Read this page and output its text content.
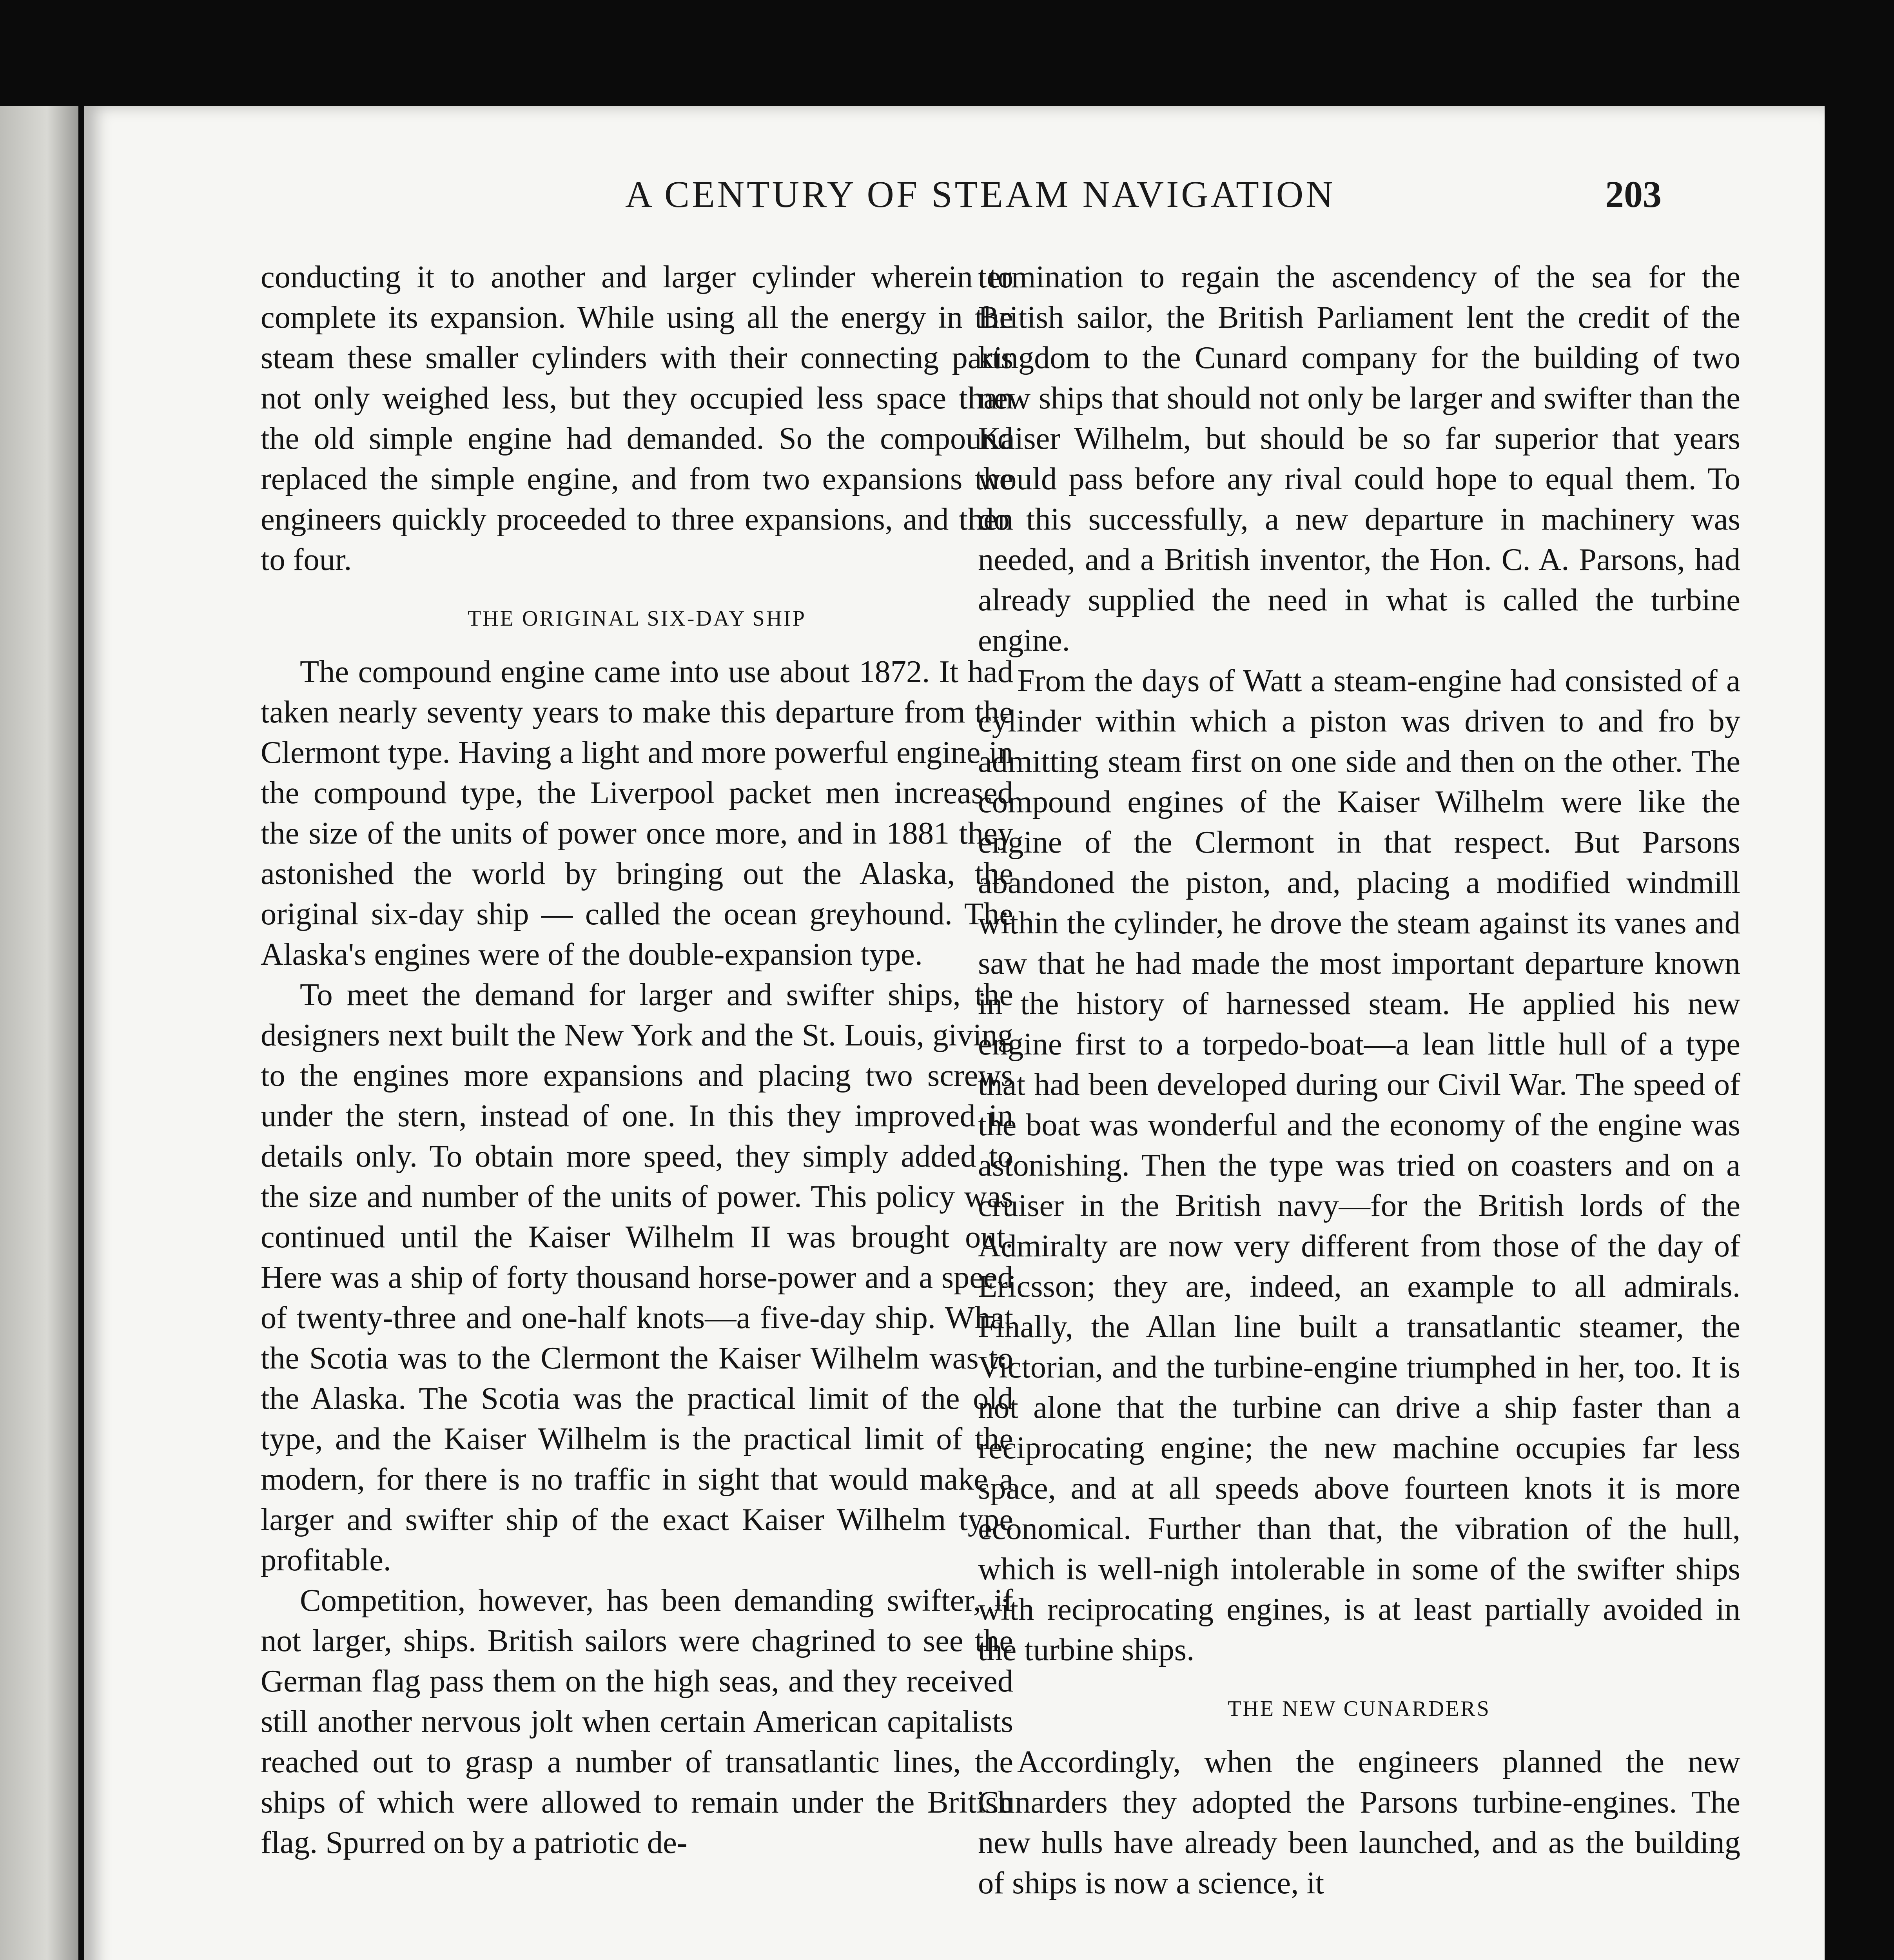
A CENTURY OF STEAM NAVIGATION	203

conducting it to another and larger cylinder wherein to complete its expansion. While using all the energy in the steam these smaller cylinders with their connecting parts not only weighed less, but they occupied less space than the old simple engine had demanded. So the compound replaced the simple engine, and from two expansions the engineers quickly proceeded to three expansions, and then to four.

THE ORIGINAL SIX-DAY SHIP

The compound engine came into use about 1872. It had taken nearly seventy years to make this departure from the Clermont type. Having a light and more powerful engine in the compound type, the Liverpool packet men increased the size of the units of power once more, and in 1881 they astonished the world by bringing out the Alaska, the original six-day ship — called the ocean greyhound. The Alaska's engines were of the double-expansion type.

To meet the demand for larger and swifter ships, the designers next built the New York and the St. Louis, giving to the engines more expansions and placing two screws under the stern, instead of one. In this they improved in details only. To obtain more speed, they simply added to the size and number of the units of power. This policy was continued until the Kaiser Wilhelm II was brought out. Here was a ship of forty thousand horse-power and a speed of twenty-three and one-half knots—a five-day ship. What the Scotia was to the Clermont the Kaiser Wilhelm was to the Alaska. The Scotia was the practical limit of the old type, and the Kaiser Wilhelm is the practical limit of the modern, for there is no traffic in sight that would make a larger and swifter ship of the exact Kaiser Wilhelm type profitable.

Competition, however, has been demanding swifter, if not larger, ships. British sailors were chagrined to see the German flag pass them on the high seas, and they received still another nervous jolt when certain American capitalists reached out to grasp a number of transatlantic lines, the ships of which were allowed to remain under the British flag. Spurred on by a patriotic de-

termination to regain the ascendency of the sea for the British sailor, the British Parliament lent the credit of the kingdom to the Cunard company for the building of two new ships that should not only be larger and swifter than the Kaiser Wilhelm, but should be so far superior that years would pass before any rival could hope to equal them. To do this successfully, a new departure in machinery was needed, and a British inventor, the Hon. C. A. Parsons, had already supplied the need in what is called the turbine engine.

From the days of Watt a steam-engine had consisted of a cylinder within which a piston was driven to and fro by admitting steam first on one side and then on the other. The compound engines of the Kaiser Wilhelm were like the engine of the Clermont in that respect. But Parsons abandoned the piston, and, placing a modified windmill within the cylinder, he drove the steam against its vanes and saw that he had made the most important departure known in the history of harnessed steam. He applied his new engine first to a torpedo-boat—a lean little hull of a type that had been developed during our Civil War. The speed of the boat was wonderful and the economy of the engine was astonishing. Then the type was tried on coasters and on a cruiser in the British navy—for the British lords of the Admiralty are now very different from those of the day of Ericsson; they are, indeed, an example to all admirals. Finally, the Allan line built a transatlantic steamer, the Victorian, and the turbine-engine triumphed in her, too. It is not alone that the turbine can drive a ship faster than a reciprocating engine; the new machine occupies far less space, and at all speeds above fourteen knots it is more economical. Further than that, the vibration of the hull, which is well-nigh intolerable in some of the swifter ships with reciprocating engines, is at least partially avoided in the turbine ships.

THE NEW CUNARDERS

Accordingly, when the engineers planned the new Cunarders they adopted the Parsons turbine-engines. The new hulls have already been launched, and as the building of ships is now a science, it
